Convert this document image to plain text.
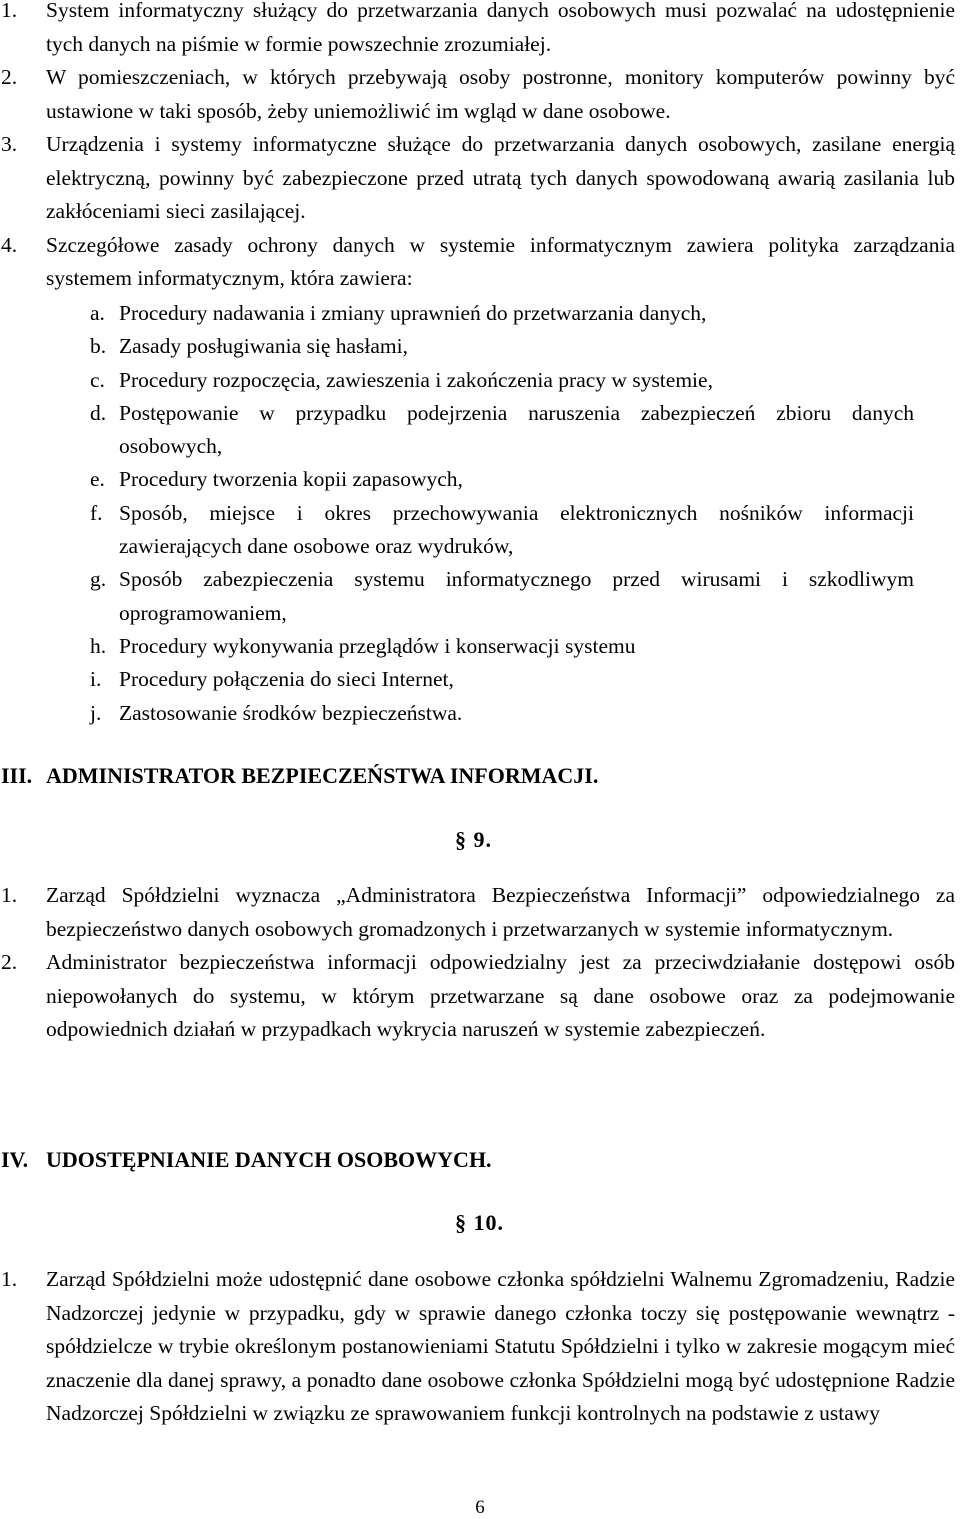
1. System informatyczny służący do przetwarzania danych osobowych musi pozwalać na udostępnienie tych danych na piśmie w formie powszechnie zrozumiałej.
2. W pomieszczeniach, w których przebywają osoby postronne, monitory komputerów powinny być ustawione w taki sposób, żeby uniemożliwić im wgląd w dane osobowe.
3. Urządzenia i systemy informatyczne służące do przetwarzania danych osobowych, zasilane energią elektryczną, powinny być zabezpieczone przed utratą tych danych spowodowaną awarią zasilania lub zakłóceniami sieci zasilającej.
4. Szczegółowe zasady ochrony danych w systemie informatycznym zawiera polityka zarządzania systemem informatycznym, która zawiera:
a. Procedury nadawania i zmiany uprawnień do przetwarzania danych,
b. Zasady posługiwania się hasłami,
c. Procedury rozpoczęcia, zawieszenia i zakończenia pracy w systemie,
d. Postępowanie w przypadku podejrzenia naruszenia zabezpieczeń zbioru danych osobowych,
e. Procedury tworzenia kopii zapasowych,
f. Sposób, miejsce i okres przechowywania elektronicznych nośników informacji zawierających dane osobowe oraz wydruków,
g. Sposób zabezpieczenia systemu informatycznego przed wirusami i szkodliwym oprogramowaniem,
h. Procedury wykonywania przeglądów i konserwacji systemu
i. Procedury połączenia do sieci Internet,
j. Zastosowanie środków bezpieczeństwa.
III. ADMINISTRATOR BEZPIECZEŃSTWA INFORMACJI.
§ 9.
1. Zarząd Spółdzielni wyznacza „Administratora Bezpieczeństwa Informacji” odpowiedzialnego za bezpieczeństwo danych osobowych gromadzonych i przetwarzanych w systemie informatycznym.
2. Administrator bezpieczeństwa informacji odpowiedzialny jest za przeciwdziałanie dostępowi osób niepowołanych do systemu, w którym przetwarzane są dane osobowe oraz za podejmowanie odpowiednich działań w przypadkach wykrycia naruszeń w systemie zabezpieczeń.
IV. UDOSTĘPNIANIE DANYCH OSOBOWYCH.
§ 10.
1. Zarząd Spółdzielni może udostępnić dane osobowe członka spółdzielni Walnemu Zgromadzeniu, Radzie Nadzorczej jedynie w przypadku, gdy w sprawie danego członka toczy się postępowanie wewnątrz - spółdzielcze w trybie określonym postanowieniami Statutu Spółdzielni i tylko w zakresie mogącym mieć znaczenie dla danej sprawy, a ponadto dane osobowe członka Spółdzielni mogą być udostępnione Radzie Nadzorczej Spółdzielni w związku ze sprawowaniem funkcji kontrolnych na podstawie z ustawy
6
